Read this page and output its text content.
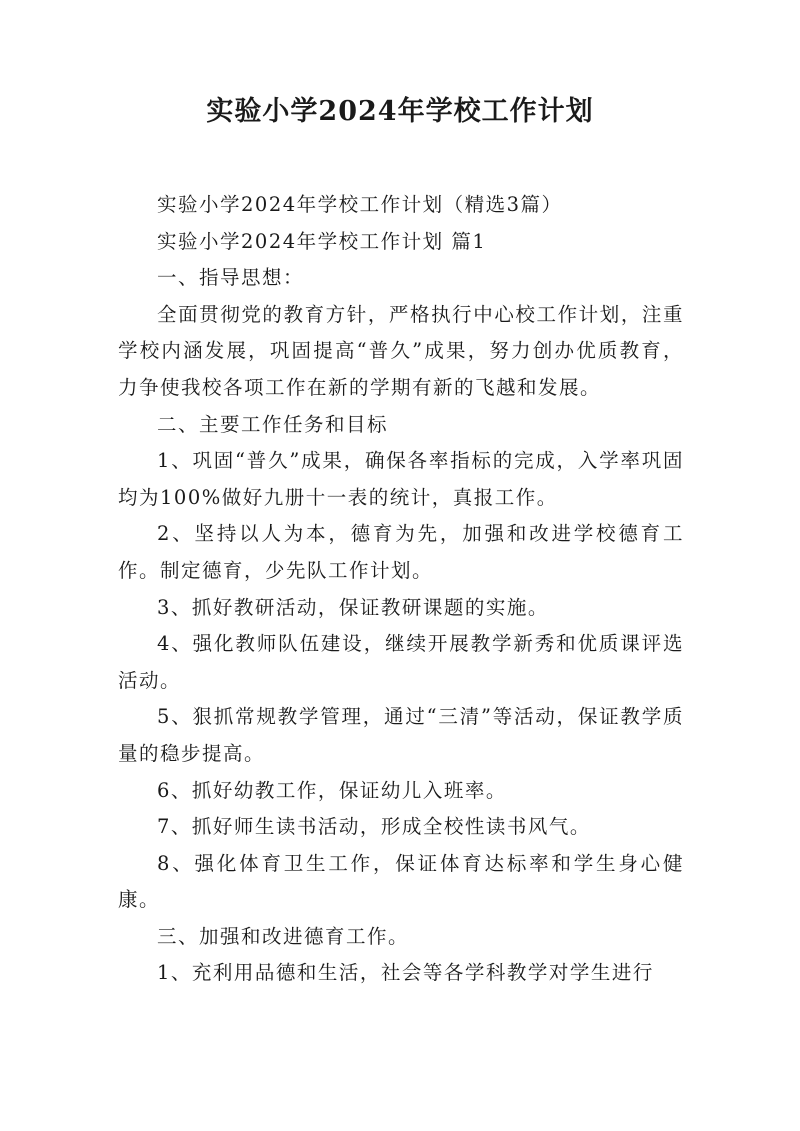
实验小学2024年学校工作计划

实验小学2024年学校工作计划（精选3篇）

实验小学2024年学校工作计划 篇1

一、指导思想：

全面贯彻党的教育方针，严格执行中心校工作计划，注重学校内涵发展，巩固提高“普久”成果，努力创办优质教育，力争使我校各项工作在新的学期有新的飞越和发展。

二、主要工作任务和目标

1、巩固“普久”成果，确保各率指标的完成，入学率巩固均为100%做好九册十一表的统计，真报工作。

2、坚持以人为本，德育为先，加强和改进学校德育工作。制定德育，少先队工作计划。

3、抓好教研活动，保证教研课题的实施。

4、强化教师队伍建设，继续开展教学新秀和优质课评选活动。

5、狠抓常规教学管理，通过“三清”等活动，保证教学质量的稳步提高。

6、抓好幼教工作，保证幼儿入班率。

7、抓好师生读书活动，形成全校性读书风气。

8、强化体育卫生工作，保证体育达标率和学生身心健康。

三、加强和改进德育工作。

1、充利用品德和生活，社会等各学科教学对学生进行
